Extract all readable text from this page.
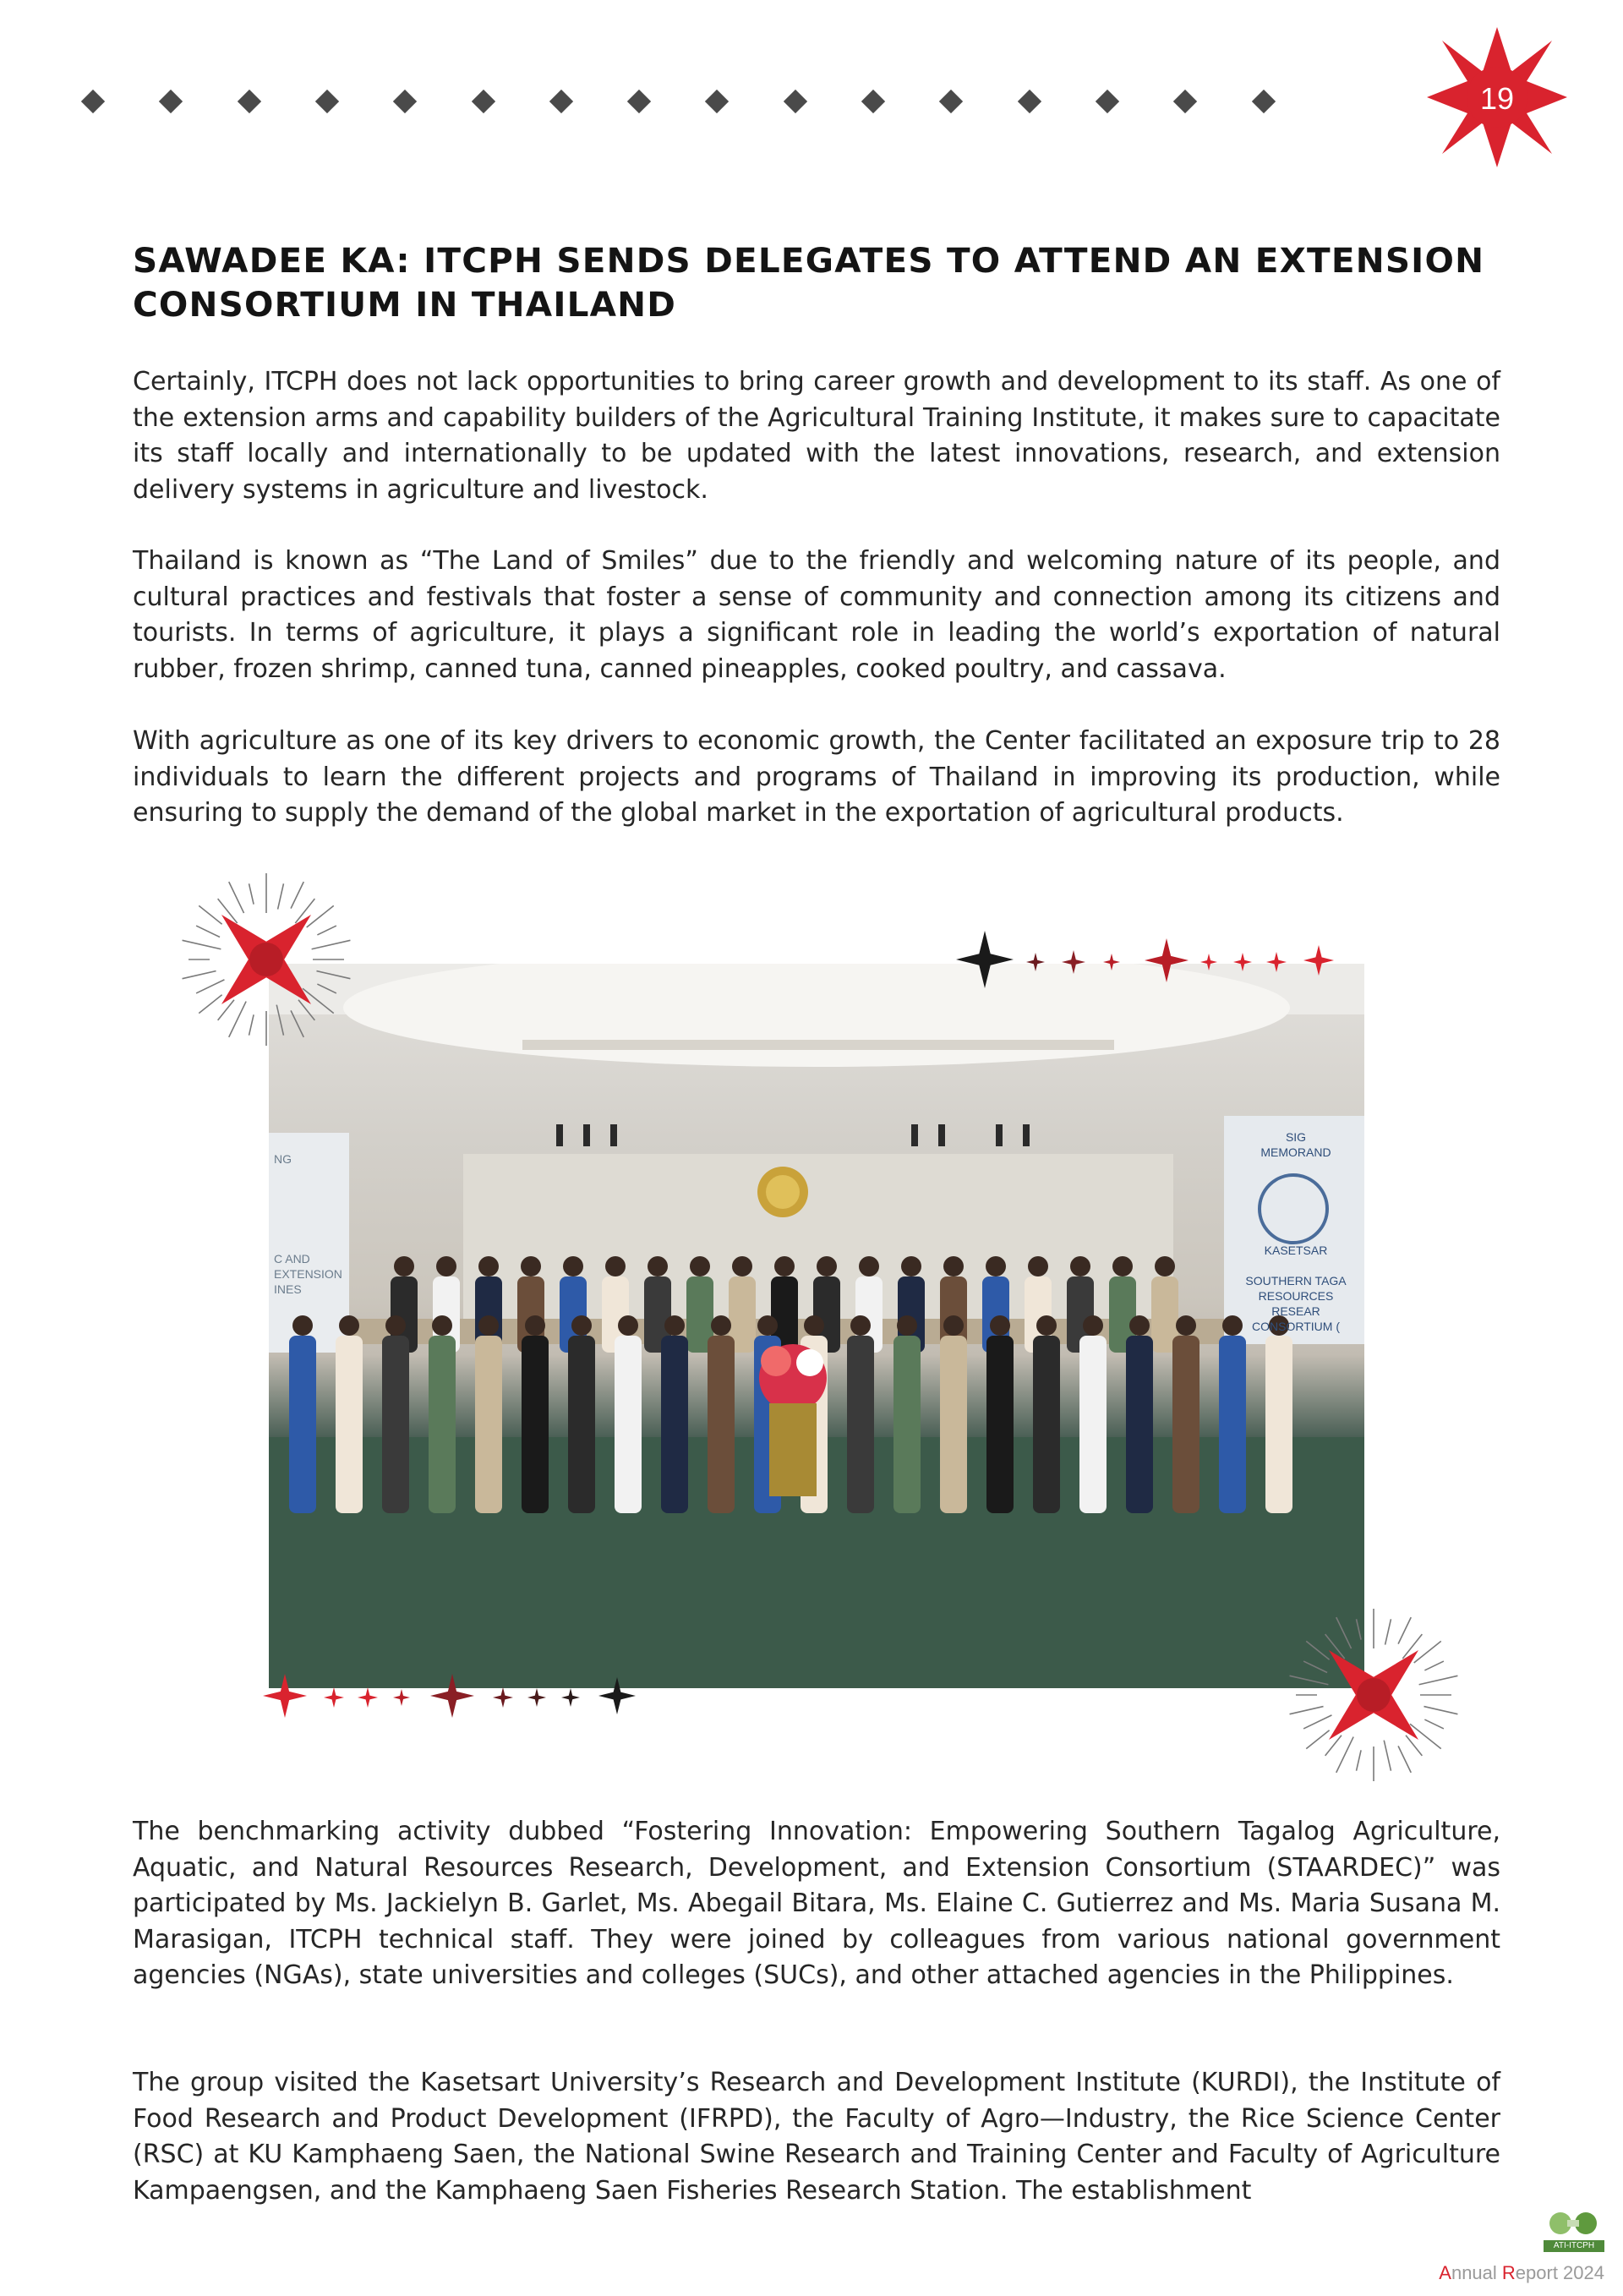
19
SAWADEE KA: ITCPH SENDS DELEGATES TO ATTEND AN EXTENSION CONSORTIUM IN THAILAND

Certainly, ITCPH does not lack opportunities to bring career growth and development to its staff. As one of the extension arms and capability builders of the Agricultural Training Institute, it makes sure to capacitate its staff locally and internationally to be updated with the latest innovations, research, and extension delivery systems in agriculture and livestock.

Thailand is known as “The Land of Smiles” due to the friendly and welcoming nature of its people, and cultural practices and festivals that foster a sense of community and connection among its citizens and tourists. In terms of agriculture, it plays a significant role in leading the world’s exportation of natural rubber, frozen shrimp, canned tuna, canned pineapples, cooked poultry, and cassava.

With agriculture as one of its key drivers to economic growth, the Center facilitated an exposure trip to 28 individuals to learn the different projects and programs of Thailand in improving its production, while ensuring to supply the demand of the global market in the exportation of agricultural products.

NG
C AND
EXTENSION
INES
SIG
MEMORAND
KASETSAR
SOUTHERN TAGA
RESOURCES RESEAR
CONSORTIUM (

The benchmarking activity dubbed “Fostering Innovation: Empowering Southern Tagalog Agriculture, Aquatic, and Natural Resources Research, Development, and Extension Consortium (STAARDEC)” was participated by Ms. Jackielyn B. Garlet, Ms. Abegail Bitara, Ms. Elaine C. Gutierrez and Ms. Maria Susana M. Marasigan, ITCPH technical staff. They were joined by colleagues from various national government agencies (NGAs), state universities and colleges (SUCs), and other attached agencies in the Philippines.

The group visited the Kasetsart University’s Research and Development Institute (KURDI), the Institute of Food Research and Product Development (IFRPD), the Faculty of Agro—Industry, the Rice Science Center (RSC) at KU Kamphaeng Saen, the National Swine Research and Training Center and Faculty of Agriculture Kampaengsen, and the Kamphaeng Saen Fisheries Research Station. The establishment

ATI-ITCPH
Annual Report 2024
